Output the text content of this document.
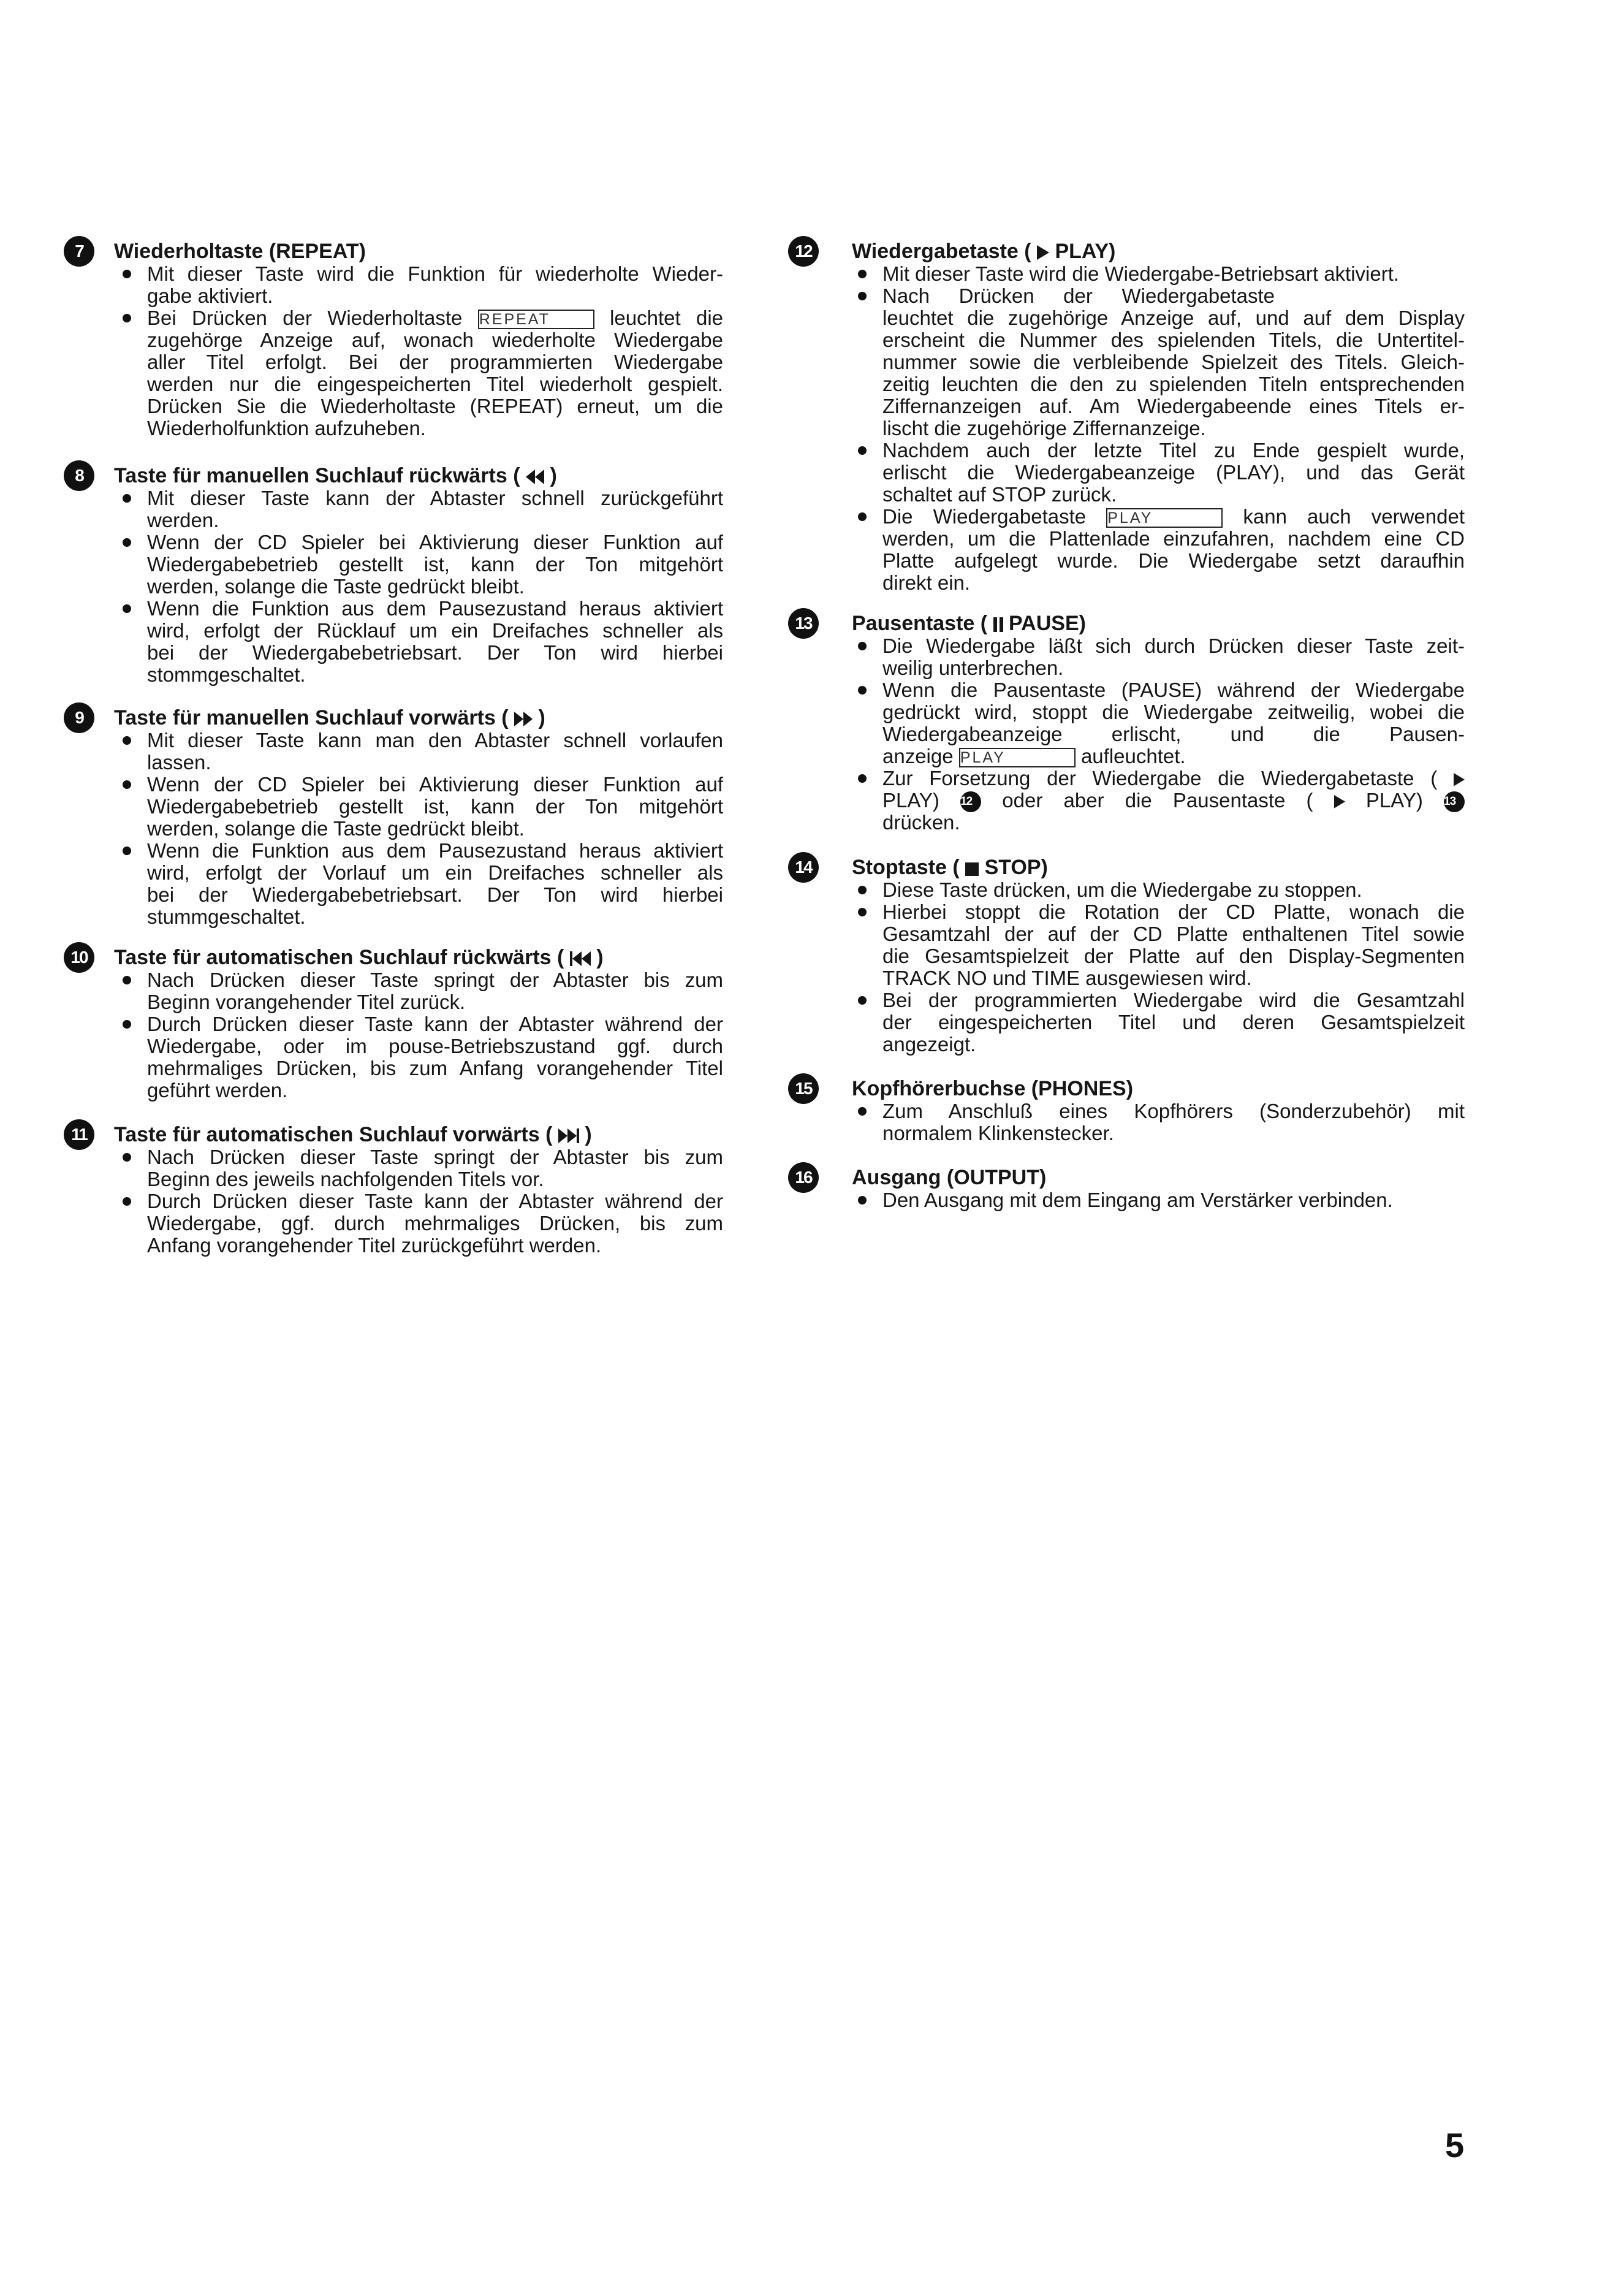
7	Wiederholtaste (REPEAT)
Mit dieser Taste wird die Funktion für wiederholte Wieder-
gabe aktiviert.
Bei Drücken der Wiederholtaste REPEAT	leuchtet die
zugehörge Anzeige auf, wonach wiederholte Wiedergabe
aller Titel erfolgt. Bei der programmierten Wiedergabe
werden nur die eingespeicherten Titel wiederholt gespielt.
Drücken Sie die Wiederholtaste (REPEAT) erneut, um die
Wiederholfunktion aufzuheben.
8	Taste für manuellen Suchlauf rückwärts ( )
Mit dieser Taste kann der Abtaster schnell zurückgeführt
werden.
Wenn der CD Spieler bei Aktivierung dieser Funktion auf
Wiedergabebetrieb gestellt ist, kann der Ton mitgehört
werden, solange die Taste gedrückt bleibt.
Wenn die Funktion aus dem Pausezustand heraus aktiviert
wird, erfolgt der Rücklauf um ein Dreifaches schneller als
bei der Wiedergabebetriebsart. Der Ton wird hierbei
stommgeschaltet.
9	Taste für manuellen Suchlauf vorwärts ( )
Mit dieser Taste kann man den Abtaster schnell vorlaufen
lassen.
Wenn der CD Spieler bei Aktivierung dieser Funktion auf
Wiedergabebetrieb gestellt ist, kann der Ton mitgehört
werden, solange die Taste gedrückt bleibt.
Wenn die Funktion aus dem Pausezustand heraus aktiviert
wird, erfolgt der Vorlauf um ein Dreifaches schneller als
bei der Wiedergabebetriebsart. Der Ton wird hierbei
stummgeschaltet.
10	Taste für automatischen Suchlauf rückwärts ( )
Nach Drücken dieser Taste springt der Abtaster bis zum
Beginn vorangehender Titel zurück.
Durch Drücken dieser Taste kann der Abtaster während der
Wiedergabe, oder im pouse-Betriebszustand ggf. durch
mehrmaliges Drücken, bis zum Anfang vorangehender Titel
geführt werden.
11	Taste für automatischen Suchlauf vorwärts ( )
Nach Drücken dieser Taste springt der Abtaster bis zum
Beginn des jeweils nachfolgenden Titels vor.
Durch Drücken dieser Taste kann der Abtaster während der
Wiedergabe, ggf. durch mehrmaliges Drücken, bis zum
Anfang vorangehender Titel zurückgeführt werden.
12	Wiedergabetaste ( PLAY)
Mit dieser Taste wird die Wiedergabe-Betriebsart aktiviert.
Nach Drücken der Wiedergabetaste
leuchtet die zugehörige Anzeige auf, und auf dem Display
erscheint die Nummer des spielenden Titels, die Untertitel-
nummer sowie die verbleibende Spielzeit des Titels. Gleich-
zeitig leuchten die den zu spielenden Titeln entsprechenden
Ziffernanzeigen auf. Am Wiedergabeende eines Titels er-
lischt die zugehörige Ziffernanzeige.
Nachdem auch der letzte Titel zu Ende gespielt wurde,
erlischt die Wiedergabeanzeige (PLAY), und das Gerät
schaltet auf STOP zurück.
Die Wiedergabetaste PLAY	kann auch verwendet
werden, um die Plattenlade einzufahren, nachdem eine CD
Platte aufgelegt wurde. Die Wiedergabe setzt daraufhin
direkt ein.
13	Pausentaste ( PAUSE)
Die Wiedergabe läßt sich durch Drücken dieser Taste zeit-
weilig unterbrechen.
Wenn die Pausentaste (PAUSE) während der Wiedergabe
gedrückt wird, stoppt die Wiedergabe zeitweilig, wobei die
Wiedergabeanzeige erlischt, und die Pausen-
anzeige PLAY	aufleuchtet.
Zur Forsetzung der Wiedergabe die Wiedergabetaste (
PLAY) 12 oder aber die Pausentaste (	PLAY) 13
drücken.
14	Stoptaste ( STOP)
Diese Taste drücken, um die Wiedergabe zu stoppen.
Hierbei stoppt die Rotation der CD Platte, wonach die
Gesamtzahl der auf der CD Platte enthaltenen Titel sowie
die Gesamtspielzeit der Platte auf den Display-Segmenten
TRACK NO und TIME ausgewiesen wird.
Bei der programmierten Wiedergabe wird die Gesamtzahl
der eingespeicherten Titel und deren Gesamtspielzeit
angezeigt.
15	Kopfhörerbuchse (PHONES)
Zum Anschluß eines Kopfhörers (Sonderzubehör) mit
normalem Klinkenstecker.
16	Ausgang (OUTPUT)
Den Ausgang mit dem Eingang am Verstärker verbinden.
5
